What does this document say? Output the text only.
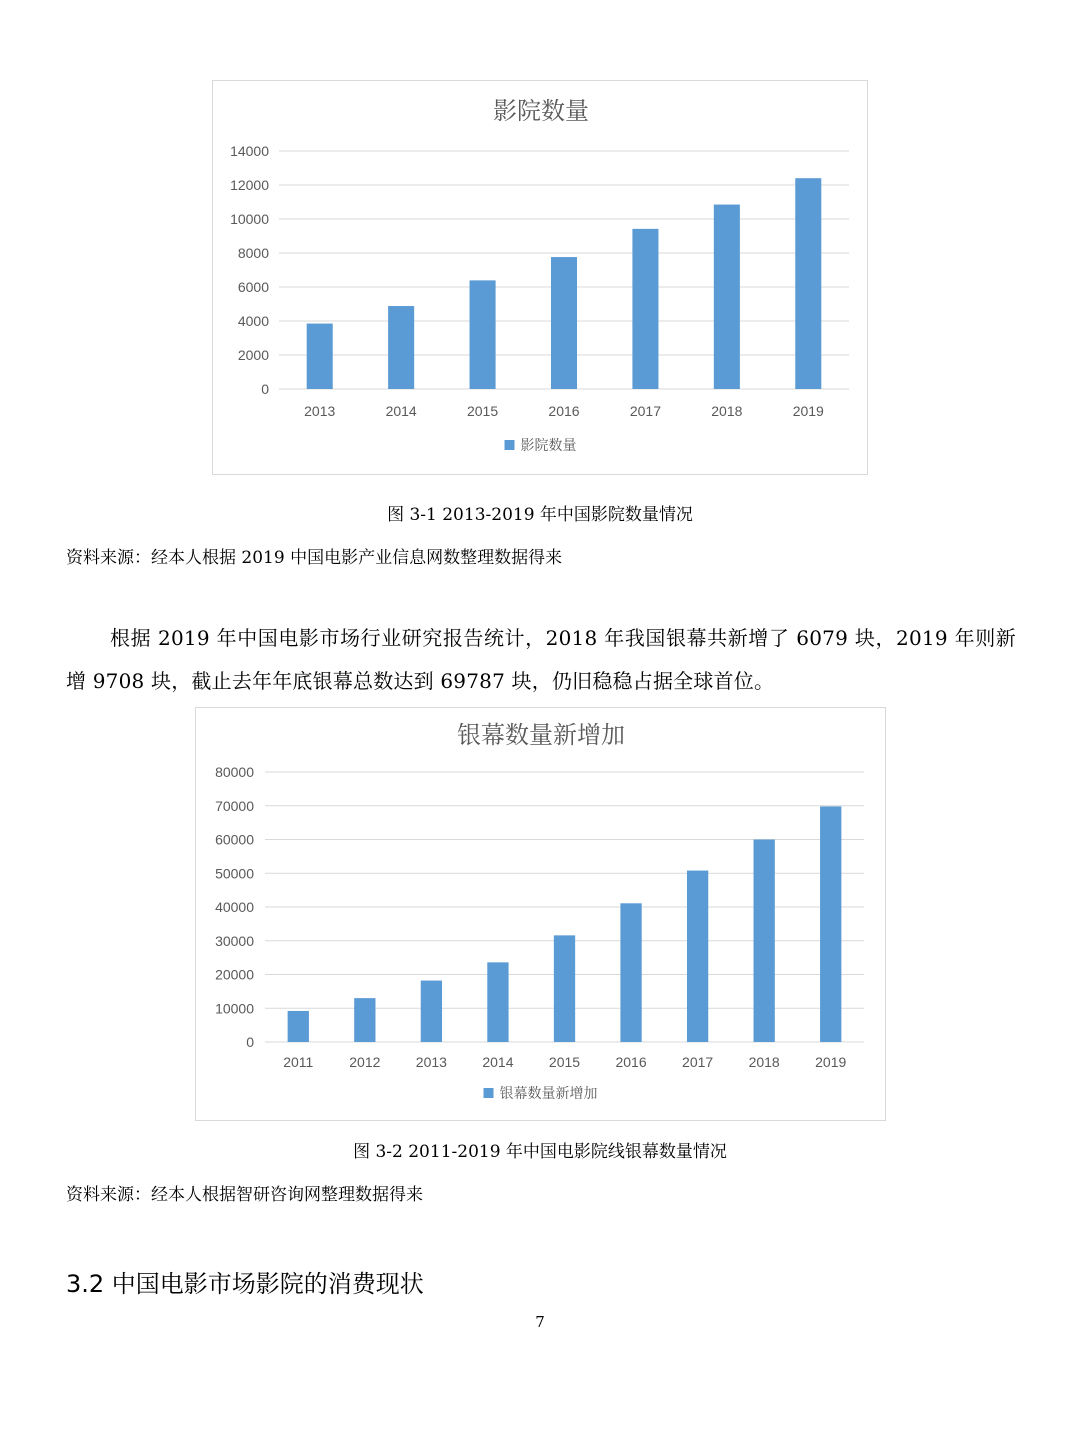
影院数量
0
2000
4000
6000
8000
10000
12000
14000
2013	2014	2015	2016	2017	2018	2019
影院数量
图 3-1 2013-2019 年中国影院数量情况
资料来源：经本人根据 2019 中国电影产业信息网数整理数据得来

根据 2019 年中国电影市场行业研究报告统计，2018 年我国银幕共新增了 6079 块，2019 年则新增 9708 块，截止去年年底银幕总数达到 69787 块，仍旧稳稳占据全球首位。

银幕数量新增加
0
10000
20000
30000
40000
50000
60000
70000
80000
2011	2012	2013	2014	2015	2016	2017	2018	2019
银幕数量新增加
图 3-2 2011-2019 年中国电影院线银幕数量情况
资料来源：经本人根据智研咨询网整理数据得来
3.2 中国电影市场影院的消费现状
7
